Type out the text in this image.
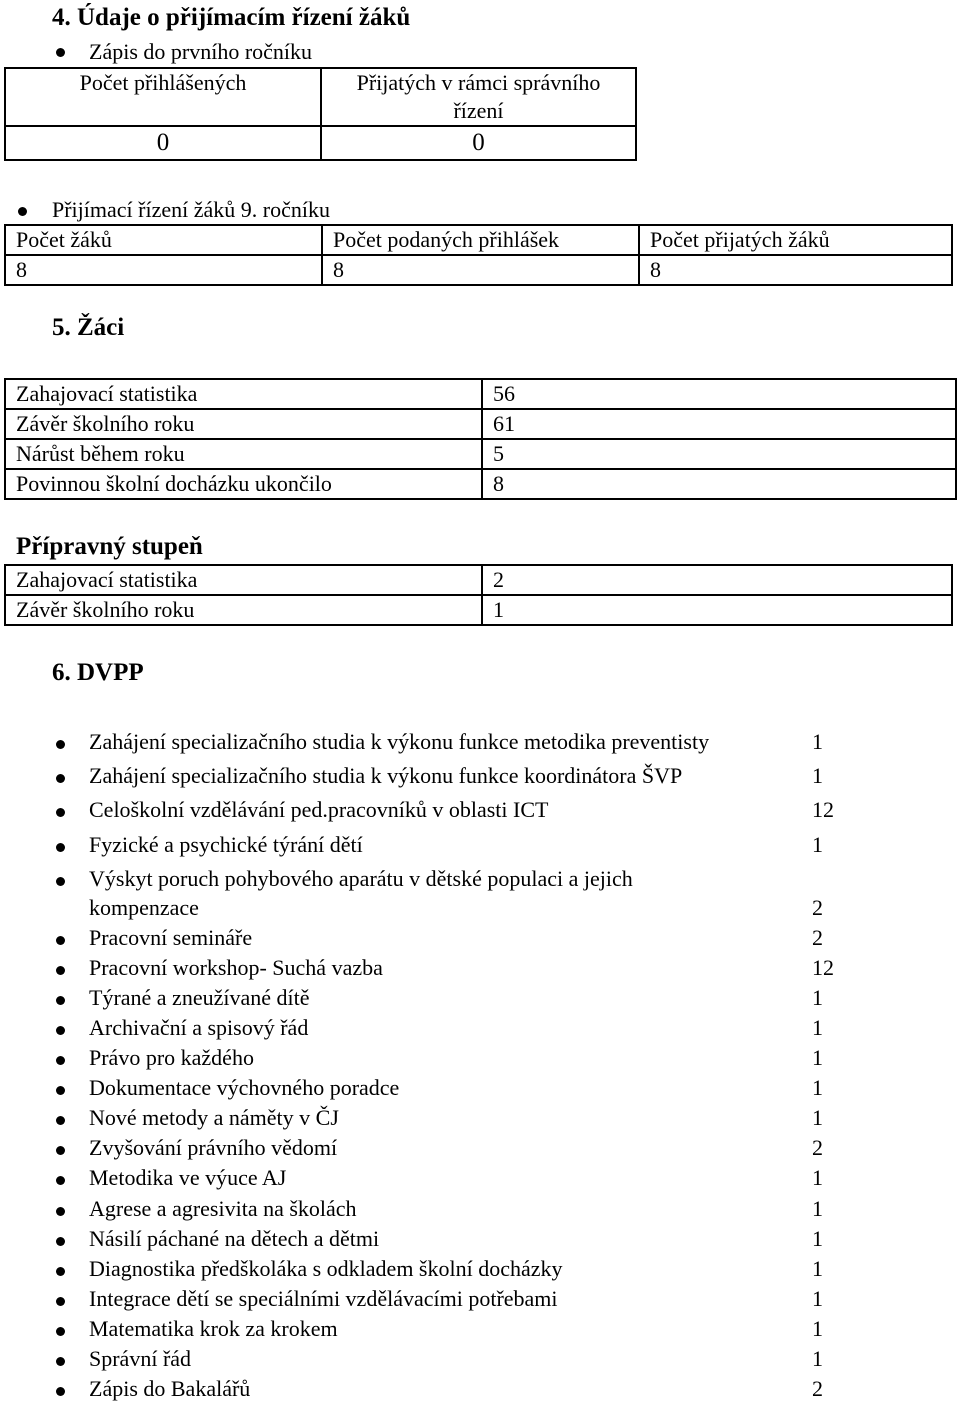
4. Údaje o přijímacím řízení žáků
Zápis do prvního ročníku
Počet přihlášených	Přijatých v rámci správního
řízení

0	0
Přijímací řízení žáků 9. ročníku
Počet žáků	Počet podaných přihlášek	Počet přijatých žáků
8	8	8
5. Žáci
Zahajovací statistika	56
Závěr školního roku	61
Nárůst během roku	5
Povinnou školní docházku ukončilo	8
Přípravný stupeň
Zahajovací statistika	2
Závěr školního roku	1
6. DVPP
Zahájení specializačního studia k výkonu funkce metodika preventisty	1
Zahájení specializačního studia k výkonu funkce koordinátora ŠVP	1
Celoškolní vzdělávání ped.pracovníků v oblasti ICT	12
Fyzické a psychické týrání dětí	1
Výskyt poruch pohybového aparátu v dětské populaci a jejich
kompenzace	2
Pracovní semináře	2
Pracovní workshop- Suchá vazba	12
Týrané a zneužívané dítě	1
Archivační a spisový řád	1
Právo pro každého	1
Dokumentace výchovného poradce	1
Nové metody a náměty v ČJ	1
Zvyšování právního vědomí	2
Metodika ve výuce AJ	1
Agrese a agresivita na školách	1
Násilí páchané na dětech a dětmi	1
Diagnostika předškoláka s odkladem školní docházky	1
Integrace dětí se speciálními vzdělávacími potřebami	1
Matematika krok za krokem	1
Správní řád	1
Zápis do Bakalářů	2
